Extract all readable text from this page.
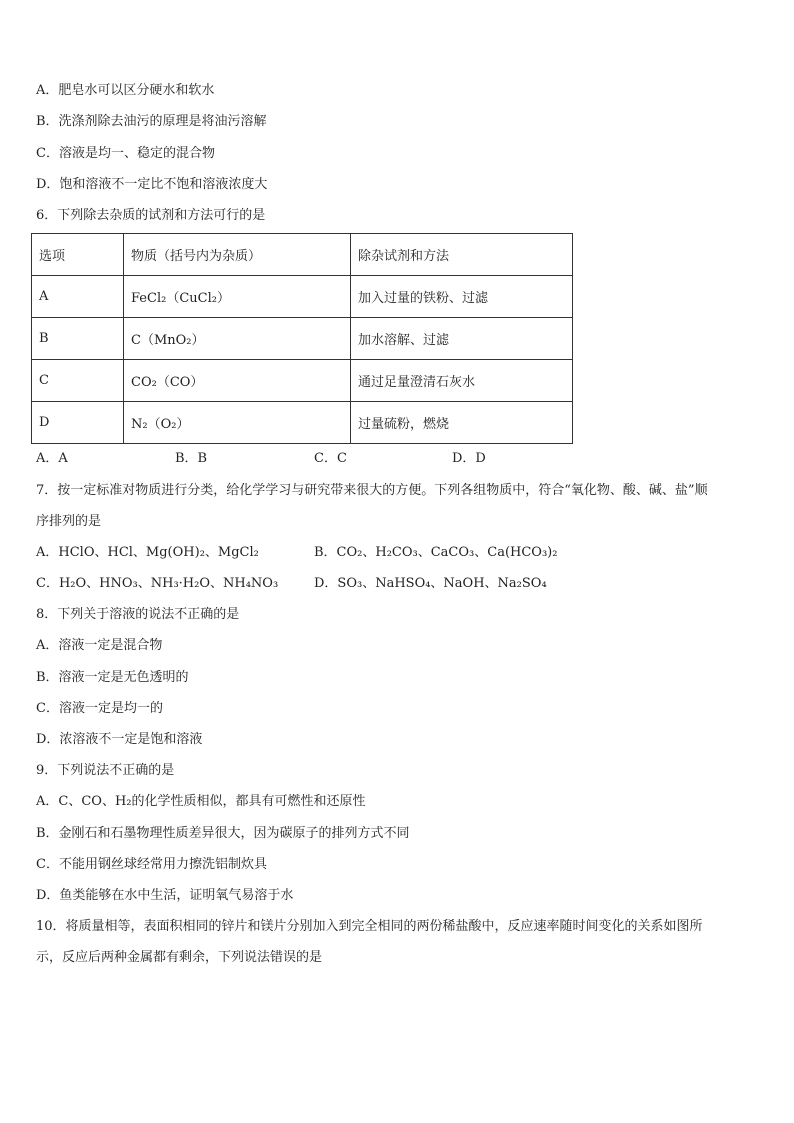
A．肥皂水可以区分硬水和软水
B．洗涤剂除去油污的原理是将油污溶解
C．溶液是均一、稳定的混合物
D．饱和溶液不一定比不饱和溶液浓度大
6．下列除去杂质的试剂和方法可行的是
选项	物质（括号内为杂质）	除杂试剂和方法
A	FeCl₂（CuCl₂）	加入过量的铁粉、过滤
B	C（MnO₂）	加水溶解、过滤
C	CO₂（CO）	通过足量澄清石灰水
D	N₂（O₂）	过量硫粉，燃烧
A．A	B．B	C．C	D．D
7．按一定标准对物质进行分类，给化学学习与研究带来很大的方便。下列各组物质中，符合“氧化物、酸、碱、盐”顺
序排列的是
A．HClO、HCl、Mg(OH)₂、MgCl₂	B．CO₂、H₂CO₃、CaCO₃、Ca(HCO₃)₂
C．H₂O、HNO₃、NH₃·H₂O、NH₄NO₃	D．SO₃、NaHSO₄、NaOH、Na₂SO₄
8．下列关于溶液的说法不正确的是
A．溶液一定是混合物
B．溶液一定是无色透明的
C．溶液一定是均一的
D．浓溶液不一定是饱和溶液
9．下列说法不正确的是
A．C、CO、H₂的化学性质相似，都具有可燃性和还原性
B．金刚石和石墨物理性质差异很大，因为碳原子的排列方式不同
C．不能用钢丝球经常用力擦洗铝制炊具
D．鱼类能够在水中生活，证明氧气易溶于水
10．将质量相等，表面积相同的锌片和镁片分别加入到完全相同的两份稀盐酸中，反应速率随时间变化的关系如图所
示，反应后两种金属都有剩余，下列说法错误的是
